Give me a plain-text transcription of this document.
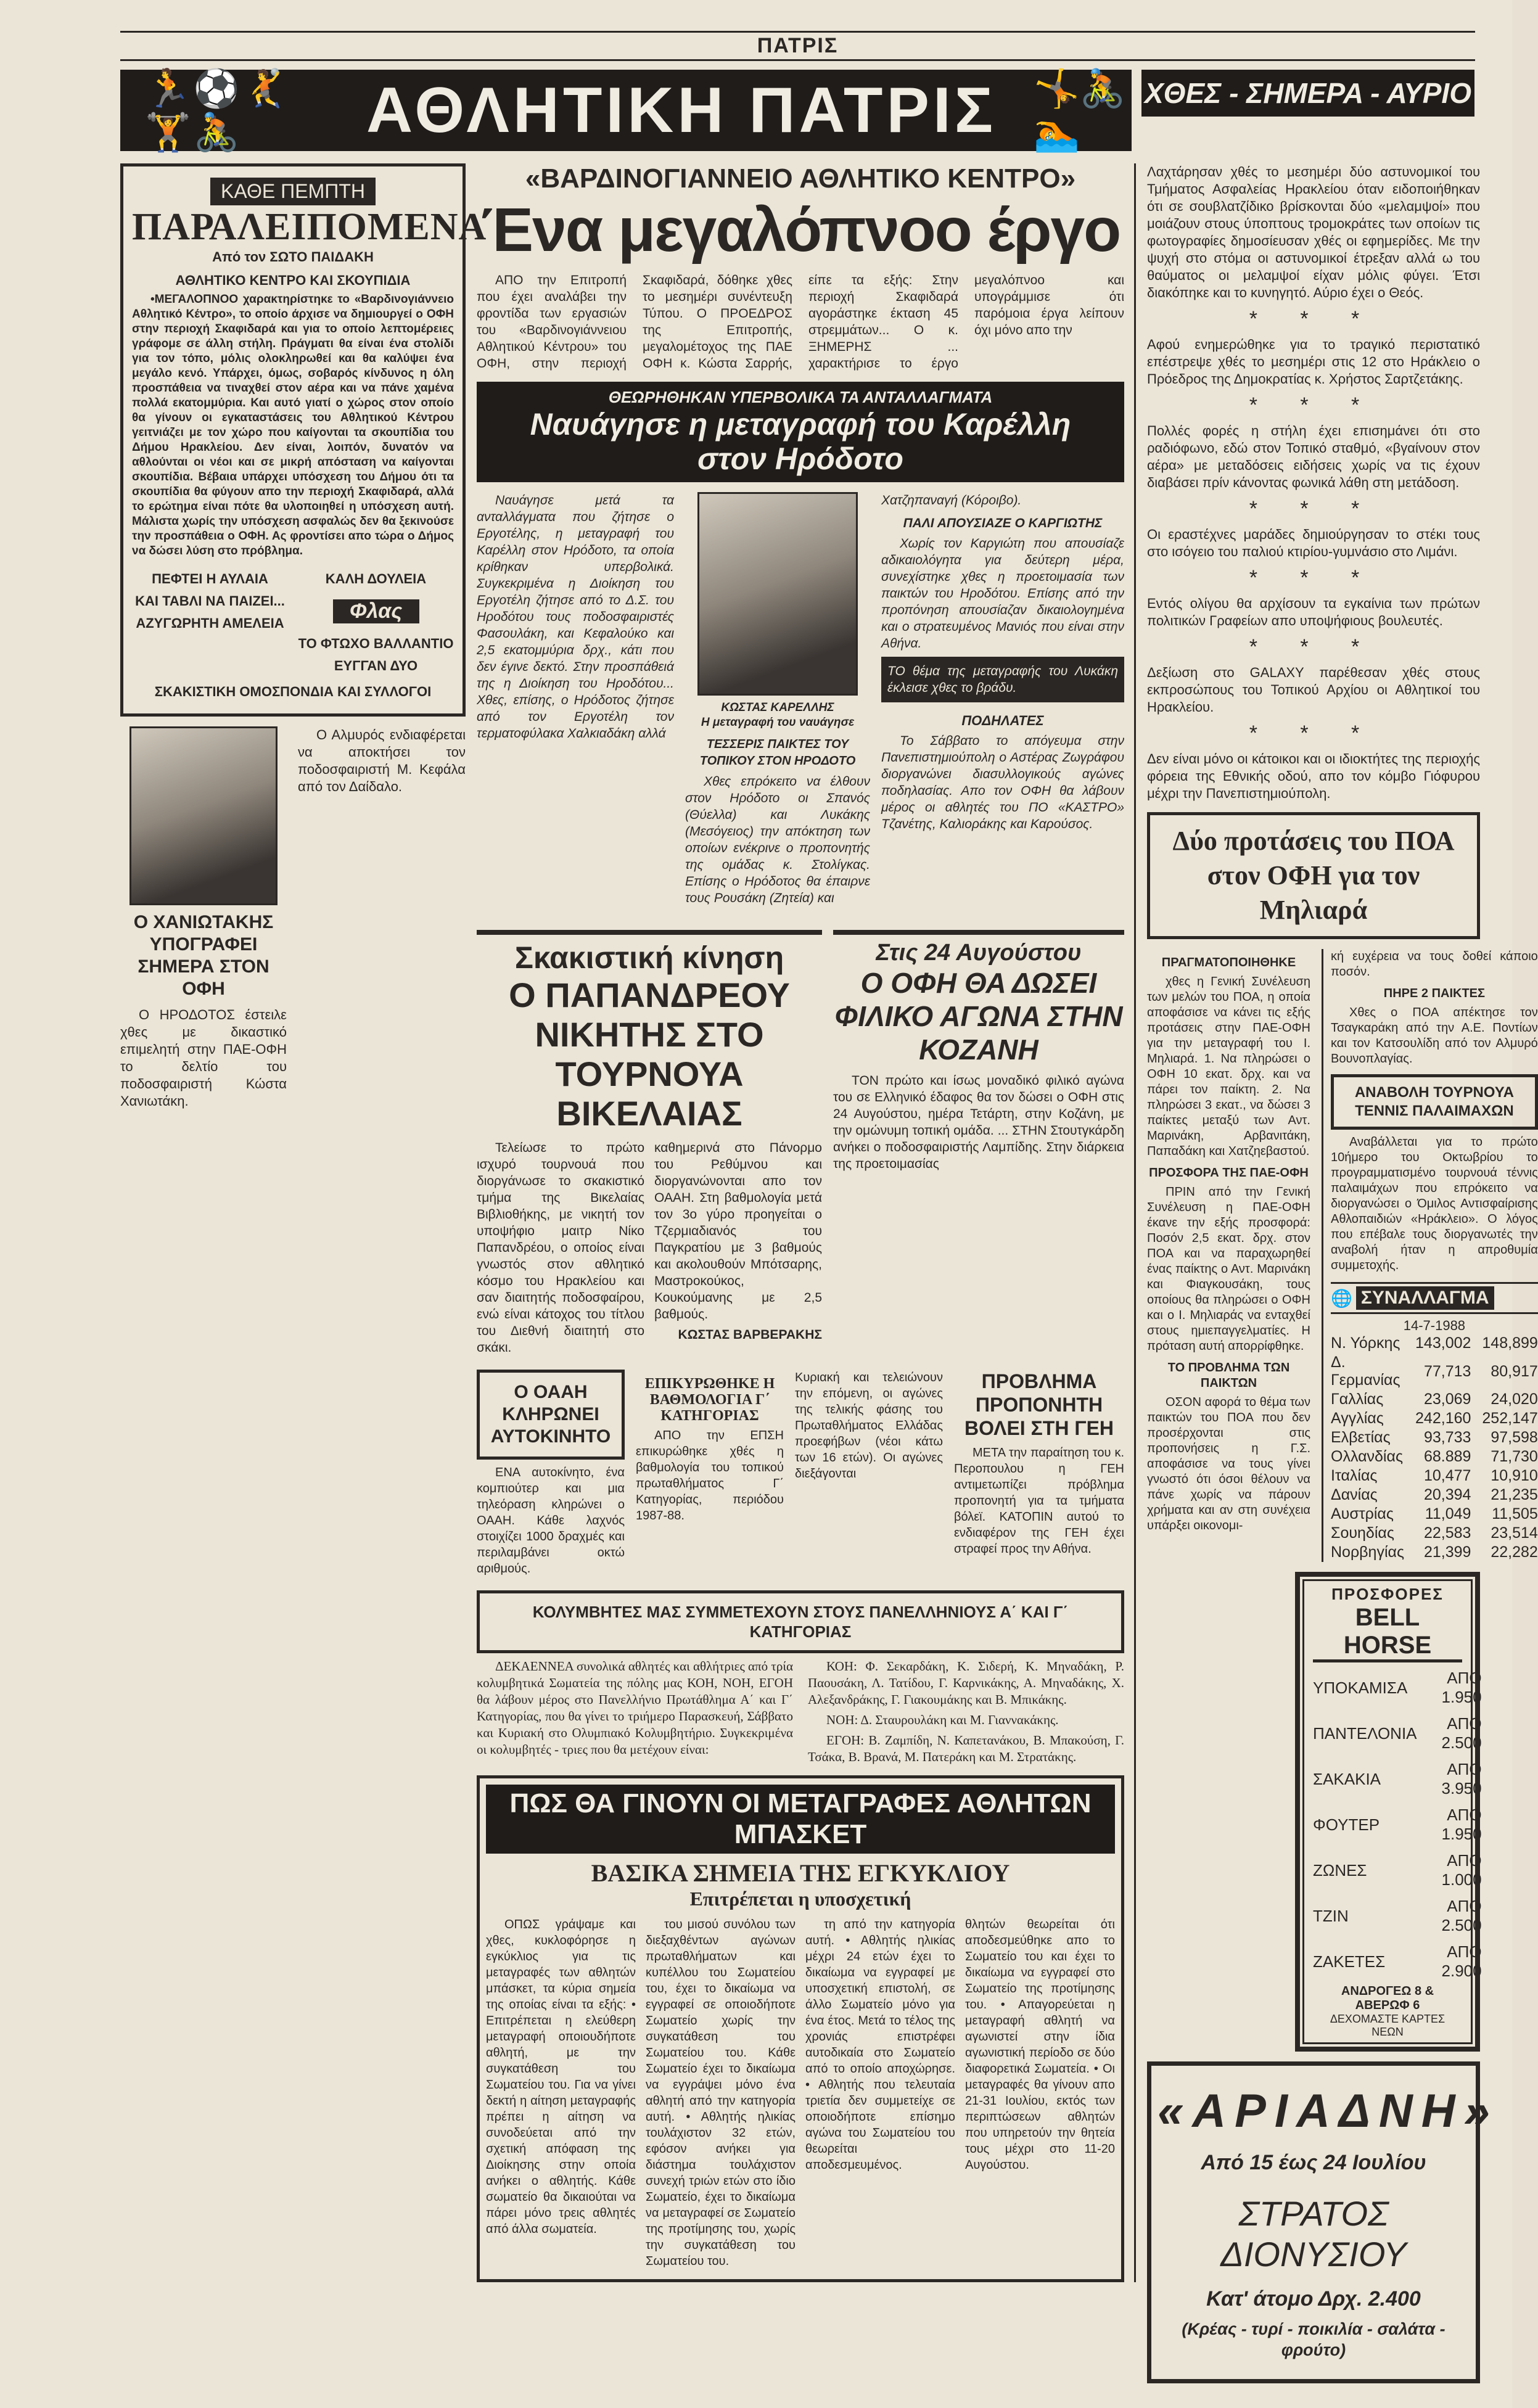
ΠΑΤΡΙΣ
🏃⚽🤾🏋🚴	ΑΘΛΗΤΙΚΗ ΠΑΤΡΙΣ 🤸🚴🏊
ΧΘΕΣ - ΣΗΜΕΡΑ - ΑΥΡΙΟ
ΚΑΘΕ ΠΕΜΠΤΗ
ΠΑΡΑΛΕΙΠΟΜΕΝΑ
Από τον ΣΩΤΟ ΠΑΙΔΑΚΗ
ΑΘΛΗΤΙΚΟ ΚΕΝΤΡΟ ΚΑΙ ΣΚΟΥΠΙΔΙΑ

•ΜΕΓΑΛΟΠΝΟΟ χαρακτηρίστηκε το «Βαρδινογιάννειο Αθλητικό Κέντρο», το οποίο άρχισε να δημιουργεί ο ΟΦΗ στην περιοχή Σκαφιδαρά και για το οποίο λεπτομέρειες γράφομε σε άλλη στήλη. Πράγματι θα είναι ένα στολίδι για τον τόπο, μόλις ολοκληρωθεί και θα καλύψει ένα μεγάλο κενό. Υπάρχει, όμως, σοβαρός κίνδυνος η όλη προσπάθεια να τιναχθεί στον αέρα και να πάνε χαμένα πολλά εκατομμύρια. Και αυτό γιατί ο χώρος στον οποίο θα γίνουν οι εγκαταστάσεις του Αθλητικού Κέντρου γειτνιάζει με τον χώρο που καίγονται τα σκουπίδια του Δήμου Ηρακλείου. Δεν είναι, λοιπόν, δυνατόν να αθλούνται οι νέοι και σε μικρή απόσταση να καίγονται σκουπίδια. Βέβαια υπάρχει υπόσχεση του Δήμου ότι τα σκουπίδια θα φύγουν απο την περιοχή Σκαφιδαρά, αλλά το ερώτημα είναι πότε θα υλοποιηθεί η υπόσχεση αυτή. Μάλιστα χωρίς την υπόσχεση ασφαλώς δεν θα ξεκινούσε την προσπάθεια ο ΟΦΗ. Ας φροντίσει απο τώρα ο Δήμος να δώσει λύση στο πρόβλημα.

ΠΕΦΤΕΙ Η ΑΥΛΑΙΑ
ΚΑΙ ΤΑΒΛΙ ΝΑ ΠΑΙΖΕΙ...
ΑΖΥΓΩΡΗΤΗ ΑΜΕΛΕΙΑ
ΚΑΛΗ ΔΟΥΛΕΙΑ
Φλας
ΤΟ ΦΤΩΧΟ ΒΑΛΛΑΝΤΙΟ
ΕΥΓΓΑΝ ΔΥΟ
ΣΚΑΚΙΣΤΙΚΗ ΟΜΟΣΠΟΝΔΙΑ ΚΑΙ ΣΥΛΛΟΓΟΙ
Ο ΧΑΝΙΩΤΑΚΗΣ ΥΠΟΓΡΑΦΕΙ ΣΗΜΕΡΑ ΣΤΟΝ ΟΦΗ

Ο ΗΡΟΔΟΤΟΣ έστειλε χθες με δικαστικό επιμελητή στην ΠΑΕ-ΟΦΗ το δελτίο του ποδοσφαιριστή Κώστα Χανιωτάκη.

Ο Αλμυρός ενδιαφέρεται να αποκτήσει τον ποδοσφαιριστή Μ. Κεφάλα από τον Δαίδαλο.

«ΒΑΡΔΙΝΟΓΙΑΝΝΕΙΟ ΑΘΛΗΤΙΚΟ ΚΕΝΤΡΟ»
Ένα μεγαλόπνοο έργο

ΑΠΟ την Επιτροπή που έχει αναλάβει την φροντίδα των εργασιών του «Βαρδινογιάννειου Αθλητικού Κέντρου» του ΟΦΗ, στην περιοχή Σκαφιδαρά, δόθηκε χθες το μεσημέρι συνέντευξη Τύπου. Ο ΠΡΟΕΔΡΟΣ της Επιτροπής, μεγαλομέτοχος της ΠΑΕ ΟΦΗ κ. Κώστα Σαρρής, είπε τα εξής: Στην περιοχή Σκαφιδαρά αγοράστηκε έκταση 45 στρεμμάτων... Ο κ. ΞΗΜΕΡΗΣ ... χαρακτήρισε το έργο μεγαλόπνοο και υπογράμμισε ότι παρόμοια έργα λείπουν όχι μόνο απο την

ΘΕΩΡΗΘΗΚΑΝ ΥΠΕΡΒΟΛΙΚΑ ΤΑ ΑΝΤΑΛΛΑΓΜΑΤΑ
Ναυάγησε η μεταγραφή του Καρέλλη στον Ηρόδοτο

Ναυάγησε μετά τα ανταλλάγματα που ζήτησε ο Εργοτέλης, η μεταγραφή του Καρέλλη στον Ηρόδοτο, τα οποία κρίθηκαν υπερβολικά. Συγκεκριμένα η Διοίκηση του Εργοτέλη ζήτησε από το Δ.Σ. του Ηροδότου τους ποδοσφαιριστές Φασουλάκη, και Κεφαλούκο και 2,5 εκατομμύρια δρχ., κάτι που δεν έγινε δεκτό. Στην προσπάθειά της η Διοίκηση του Ηροδότου... Χθες, επίσης, ο Ηρόδοτος ζήτησε από τον Εργοτέλη τον τερματοφύλακα Χαλκιαδάκη αλλά

ΚΩΣΤΑΣ ΚΑΡΕΛΛΗΣ
Η μεταγραφή του ναυάγησε
ΤΕΣΣΕΡΙΣ ΠΑΙΚΤΕΣ ΤΟΥ ΤΟΠΙΚΟΥ ΣΤΟΝ ΗΡΟΔΟΤΟ

Χθες επρόκειτο να έλθουν στον Ηρόδοτο οι Σπανός (Θύελλα) και Λυκάκης (Μεσόγειος) την απόκτηση των οποίων ενέκρινε ο προπονητής της ομάδας κ. Στολίγκας. Επίσης ο Ηρόδοτος θα έπαιρνε τους Ρουσάκη (Ζητεία) και

Χατζηπαναγή (Κόροιβο).
ΠΑΛΙ ΑΠΟΥΣΙΑΖΕ Ο ΚΑΡΓΙΩΤΗΣ

Χωρίς τον Καργιώτη που απουσίαζε αδικαιολόγητα για δεύτερη μέρα, συνεχίστηκε χθες η προετοιμασία των παικτών του Ηροδότου. Επίσης από την προπόνηση απουσίαζαν δικαιολογημένα και ο στρατευμένος Μανιός που είναι στην Αθήνα.

ΤΟ θέμα της μεταγραφής του Λυκάκη έκλεισε χθες το βράδυ.
ΠΟΔΗΛΑΤΕΣ

Το Σάββατο το απόγευμα στην Πανεπιστημιούπολη ο Αστέρας Ζωγράφου διοργανώνει διασυλλογικούς αγώνες ποδηλασίας. Απο τον ΟΦΗ θα λάβουν μέρος οι αθλητές του ΠΟ «ΚΑΣΤΡΟ» Τζανέτης, Καλιοράκης και Καρούσος.

Σκακιστική κίνηση
Ο ΠΑΠΑΝΔΡΕΟΥ ΝΙΚΗΤΗΣ ΣΤΟ ΤΟΥΡΝΟΥΑ ΒΙΚΕΛΑΙΑΣ

Τελείωσε το πρώτο ισχυρό τουρνουά που διοργάνωσε το σκακιστικό τμήμα της Βικελαίας Βιβλιοθήκης, με νικητή τον υποψήφιο μαιτρ Νίκο Παπανδρέου, ο οποίος είναι γνωστός στον αθλητικό κόσμο του Ηρακλείου και σαν διαιτητής ποδοσφαίρου, ενώ είναι κάτοχος του τίτλου του Διεθνή διαιτητή στο σκάκι.

καθημερινά στο Πάνορμο του Ρεθύμνου και διοργανώνονται απο τον ΟΑΑΗ. Στη βαθμολογία μετά τον 3ο γύρο προηγείται ο Τζερμιαδιανός του Παγκρατίου με 3 βαθμούς και ακολουθούν Μπότσαρης, Μαστροκούκος, Κουκούμανης με 2,5 βαθμούς.

ΚΩΣΤΑΣ ΒΑΡΒΕΡΑΚΗΣ
Στις 24 Αυγούστου
Ο ΟΦΗ ΘΑ ΔΩΣΕΙ ΦΙΛΙΚΟ ΑΓΩΝΑ ΣΤΗΝ ΚΟΖΑΝΗ

ΤΟΝ πρώτο και ίσως μοναδικό φιλικό αγώνα του σε Ελληνικό έδαφος θα τον δώσει ο ΟΦΗ στις 24 Αυγούστου, ημέρα Τετάρτη, στην Κοζάνη, με την ομώνυμη τοπική ομάδα. ... ΣΤΗΝ Στουτγκάρδη ανήκει ο ποδοσφαιριστής Λαμπίδης. Στην διάρκεια της προετοιμασίας

Ο ΟΑΑΗ ΚΛΗΡΩΝΕΙ ΑΥΤΟΚΙΝΗΤΟ

ΕΝΑ αυτοκίνητο, ένα κομπιούτερ και μια τηλεόραση κληρώνει ο ΟΑΑΗ. Κάθε λαχνός στοιχίζει 1000 δραχμές και περιλαμβάνει οκτώ αριθμούς.

ΕΠΙΚΥΡΩΘΗΚΕ Η ΒΑΘΜΟΛΟΓΙΑ Γ΄ ΚΑΤΗΓΟΡΙΑΣ

ΑΠΟ την ΕΠΣΗ επικυρώθηκε χθές η βαθμολογία του τοπικού πρωταθλήματος Γ΄ Κατηγορίας, περιόδου 1987-88.

Κυριακή και τελειώνουν την επόμενη, οι αγώνες της τελικής φάσης του Πρωταθλήματος Ελλάδας προεφήβων (νέοι κάτω των 16 ετών). Οι αγώνες διεξάγονται

ΠΡΟΒΛΗΜΑ ΠΡΟΠΟΝΗΤΗ ΒΟΛΕΙ ΣΤΗ ΓΕΗ

ΜΕΤΑ την παραίτηση του κ. Περοπουλου η ΓΕΗ αντιμετωπίζει πρόβλημα προπονητή για τα τμήματα βόλεϊ. ΚΑΤΟΠΙΝ αυτού το ενδιαφέρον της ΓΕΗ έχει στραφεί προς την Αθήνα.

ΚΟΛΥΜΒΗΤΕΣ ΜΑΣ ΣΥΜΜΕΤΕΧΟΥΝ ΣΤΟΥΣ ΠΑΝΕΛΛΗΝΙΟΥΣ Α΄ ΚΑΙ Γ΄ ΚΑΤΗΓΟΡΙΑΣ

ΔΕΚΑΕΝΝΕΑ συνολικά αθλητές και αθλήτριες από τρία κολυμβητικά Σωματεία της πόλης μας ΚΟΗ, ΝΟΗ, ΕΓΟΗ θα λάβουν μέρος στο Πανελλήνιο Πρωτάθλημα Α΄ και Γ΄ Κατηγορίας, που θα γίνει το τριήμερο Παρασκευή, Σάββατο και Κυριακή στο Ολυμπιακό Κολυμβητήριο. Συγκεκριμένα οι κολυμβητές - τριες που θα μετέχουν είναι:

ΚΟΗ: Φ. Σεκαρδάκη, Κ. Σιδερή, Κ. Μηναδάκη, Ρ. Παουσάκη, Λ. Τατίδου, Γ. Καρνικάκης, Α. Μηναδάκης, Χ. Αλεξανδράκης, Γ. Γιακουμάκης και Β. Μπικάκης.

ΝΟΗ: Δ. Σταυρουλάκη και Μ. Γιαννακάκης.

ΕΓΟΗ: Β. Ζαμπίδη, Ν. Καπετανάκου, Β. Μπακούση, Γ. Τσάκα, Β. Βρανά, Μ. Πατεράκη και Μ. Στρατάκης.

ΠΩΣ ΘΑ ΓΙΝΟΥΝ ΟΙ ΜΕΤΑΓΡΑΦΕΣ ΑΘΛΗΤΩΝ ΜΠΑΣΚΕΤ
ΒΑΣΙΚΑ ΣΗΜΕΙΑ ΤΗΣ ΕΓΚΥΚΛΙΟΥ
Επιτρέπεται η υποσχετική

ΟΠΩΣ γράψαμε και χθες, κυκλοφόρησε η εγκύκλιος για τις μεταγραφές των αθλητών μπάσκετ, τα κύρια σημεία της οποίας είναι τα εξής: • Επιτρέπεται η ελεύθερη μεταγραφή οποιουδήποτε αθλητή, με την συγκατάθεση του Σωματείου του. Για να γίνει δεκτή η αίτηση μεταγραφής πρέπει η αίτηση να συνοδεύεται από την σχετική απόφαση της Διοίκησης στην οποία ανήκει ο αθλητής. Κάθε σωματείο θα δικαιούται να πάρει μόνο τρεις αθλητές από άλλα σωματεία.

του μισού συνόλου των διεξαχθέντων αγώνων πρωταθλήματων και κυπέλλου του Σωματείου του, έχει το δικαίωμα να εγγραφεί σε οποιοδήποτε Σωματείο χωρίς την συγκατάθεση του Σωματείου του. Κάθε Σωματείο έχει το δικαίωμα να εγγράψει μόνο ένα αθλητή από την κατηγορία αυτή. • Αθλητής ηλικίας τουλάχιστον 32 ετών, εφόσον ανήκει για διάστημα τουλάχιστον συνεχή τριών ετών στο ίδιο Σωματείο, έχει το δικαίωμα να μεταγραφεί σε Σωματείο της προτίμησης του, χωρίς την συγκατάθεση του Σωματείου του.

τη από την κατηγορία αυτή. • Αθλητής ηλικίας μέχρι 24 ετών έχει το δικαίωμα να εγγραφεί με υποσχετική επιστολή, σε άλλο Σωματείο μόνο για ένα έτος. Μετά το τέλος της χρονιάς επιστρέφει αυτοδικαία στο Σωματείο από το οποίο αποχώρησε. • Αθλητής που τελευταία τριετία δεν συμμετείχε σε οποιοδήποτε επίσημο αγώνα του Σωματείου του θεωρείται αποδεσμευμένος.

θλητών θεωρείται ότι αποδεσμεύθηκε απο το Σωματείο του και έχει το δικαίωμα να εγγραφεί στο Σωματείο της προτίμησης του. • Απαγορεύεται η μεταγραφή αθλητή να αγωνιστεί στην ίδια αγωνιστική περίοδο σε δύο διαφορετικά Σωματεία. • Οι μεταγραφές θα γίνουν απο 21-31 Ιουλίου, εκτός των περιπτώσεων αθλητών που υπηρετούν την θητεία τους μέχρι στο 11-20 Αυγούστου.

Λαχτάρησαν χθές το μεσημέρι δύο αστυνομικοί του Τμήματος Ασφαλείας Ηρακλείου όταν ειδοποιήθηκαν ότι σε σουβλατζίδικο βρίσκονται δύο «μελαμψοί» που μοιάζουν στους ύποπτους τρομοκράτες των οποίων τις φωτογραφίες δημοσίευσαν χθές οι εφημερίδες. Με την ψυχή στο στόμα οι αστυνομικοί έτρεξαν αλλά ω του θαύματος οι μελαμψοί είχαν μόλις φύγει. Έτσι διακόπηκε και το κυνηγητό. Αύριο έχει ο Θεός.

* * *

Αφού ενημερώθηκε για το τραγικό περιστατικό επέστρεψε χθές το μεσημέρι στις 12 στο Ηράκλειο ο Πρόεδρος της Δημοκρατίας κ. Χρήστος Σαρτζετάκης.

* * *

Πολλές φορές η στήλη έχει επισημάνει ότι στο ραδιόφωνο, εδώ στον Τοπικό σταθμό, «βγαίνουν στον αέρα» με μεταδόσεις ειδήσεις χωρίς να τις έχουν διαβάσει πρίν κάνοντας φωνικά λάθη στη μετάδοση.

* * *

Οι εραστέχνες μαράδες δημιούργησαν το στέκι τους στο ισόγειο του παλιού κτιρίου-γυμνάσιο στο Λιμάνι.

* * *

Εντός ολίγου θα αρχίσουν τα εγκαίνια των πρώτων πολιτικών Γραφείων απο υποψήφιους βουλευτές.

* * *

Δεξίωση στο GALAXY παρέθεσαν χθές στους εκπροσώπους του Τοπικού Αρχίου οι Αθλητικοί του Ηρακλείου.

* * *

Δεν είναι μόνο οι κάτοικοι και οι ιδιοκτήτες της περιοχής φόρεια της Εθνικής οδού, απο τον κόμβο Γιόφυρου μέχρι την Πανεπιστημιούπολη.

Δύο προτάσεις του ΠΟΑ στον ΟΦΗ για τον Μηλιαρά
ΠΡΑΓΜΑΤΟΠΟΙΗΘΗΚΕ

χθες η Γενική Συνέλευση των μελών του ΠΟΑ, η οποία αποφάσισε να κάνει τις εξής προτάσεις στην ΠΑΕ-ΟΦΗ για την μεταγραφή του Ι. Μηλιαρά. 1. Να πληρώσει ο ΟΦΗ 10 εκατ. δρχ. και να πάρει τον παίκτη. 2. Να πληρώσει 3 εκατ., να δώσει 3 παίκτες μεταξύ των Αντ. Μαρινάκη, Αρβανιτάκη, Παπαδάκη και Χατζηεβαστού.

ΠΡΟΣΦΟΡΑ ΤΗΣ ΠΑΕ-ΟΦΗ

ΠΡΙΝ από την Γενική Συνέλευση η ΠΑΕ-ΟΦΗ έκανε την εξής προσφορά: Ποσόν 2,5 εκατ. δρχ. στον ΠΟΑ και να παραχωρηθεί ένας παίκτης ο Αντ. Μαρινάκη και Φιαγκουσάκη, τους οποίους θα πληρώσει ο ΟΦΗ και ο Ι. Μηλιαράς να ενταχθεί στους ημιεπαγγελματίες. Η πρόταση αυτή απορρίφθηκε.

ΤΟ ΠΡΟΒΛΗΜΑ ΤΩΝ ΠΑΙΚΤΩΝ

ΟΣΟΝ αφορά το θέμα των παικτών του ΠΟΑ που δεν προσέρχονται στις προπονήσεις η Γ.Σ. αποφάσισε να τους γίνει γνωστό ότι όσοι θέλουν να πάνε χωρίς να πάρουν χρήματα και αν στη συνέχεια υπάρξει οικονομι-

κή ευχέρεια να τους δοθεί κάποιο ποσόν.

ΠΗΡΕ 2 ΠΑΙΚΤΕΣ

Χθες ο ΠΟΑ απέκτησε τον Τσαγκαράκη από την Α.Ε. Ποντίων και τον Κατσουλίδη από τον Αλμυρό Βουνοπλαγίας.

ΑΝΑΒΟΛΗ ΤΟΥΡΝΟΥΑ ΤΕΝΝΙΣ ΠΑΛΑΙΜΑΧΩΝ

Αναβάλλεται για το πρώτο 10ήμερο του Οκτωβρίου το προγραμματισμένο τουρνουά τέννις παλαιμάχων που επρόκειτο να διοργανώσει ο Όμιλος Αντισφαίρισης Αθλοπαιδιών «Ηράκλειο». Ο λόγος που επέβαλε τους διοργανωτές την αναβολή ήταν η απροθυμία συμμετοχής.

🌐 ΣΥΝΑΛΛΑΓΜΑ
14-7-1988
Ν. Υόρκης	143,002	148,899
Δ. Γερμανίας	77,713	80,917
Γαλλίας	23,069	24,020
Αγγλίας	242,160	252,147
Ελβετίας	93,733	97,598
Ολλανδίας	68.889	71,730
Ιταλίας	10,477	10,910
Δανίας	20,394	21,235
Αυστρίας	11,049	11,505
Σουηδίας	22,583	23,514
Νορβηγίας	21,399	22,282
ΠΡΟΣΦΟΡΕΣ
BELL HORSE
ΥΠΟΚΑΜΙΣΑ	ΑΠΟ 1.950
ΠΑΝΤΕΛΟΝΙΑ	ΑΠΟ 2.500
ΣΑΚΑΚΙΑ	ΑΠΟ 3.950
ΦΟΥΤΕΡ	ΑΠΟ 1.950
ΖΩΝΕΣ	ΑΠΟ 1.000
ΤΖΙΝ	ΑΠΟ 2.500
ΖΑΚΕΤΕΣ	ΑΠΟ 2.900
ΑΝΔΡΟΓΕΩ 8 & ΑΒΕΡΩΦ 6
ΔΕΧΟΜΑΣΤΕ ΚΑΡΤΕΣ ΝΕΩΝ
«ΑΡΙΑΔΝΗ»
Από 15 έως 24 Ιουλίου
ΣΤΡΑΤΟΣ ΔΙΟΝΥΣΙΟΥ
Κατ' άτομο Δρχ. 2.400
(Κρέας - τυρί - ποικιλία - σαλάτα - φρούτο)
